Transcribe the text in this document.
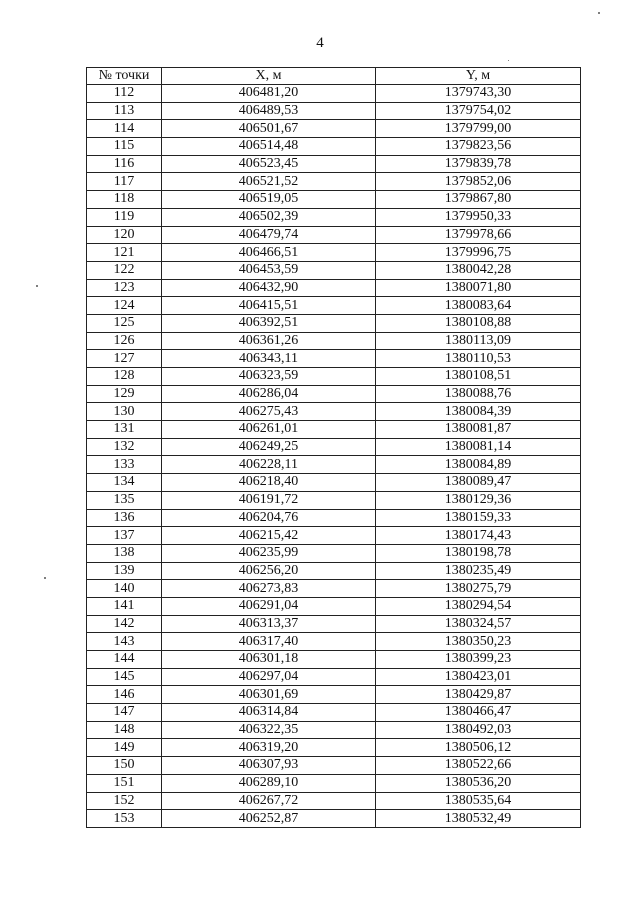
4
№ точки	X, м	Y, м
112	406481,20	1379743,30
113	406489,53	1379754,02
114	406501,67	1379799,00
115	406514,48	1379823,56
116	406523,45	1379839,78
117	406521,52	1379852,06
118	406519,05	1379867,80
119	406502,39	1379950,33
120	406479,74	1379978,66
121	406466,51	1379996,75
122	406453,59	1380042,28
123	406432,90	1380071,80
124	406415,51	1380083,64
125	406392,51	1380108,88
126	406361,26	1380113,09
127	406343,11	1380110,53
128	406323,59	1380108,51
129	406286,04	1380088,76
130	406275,43	1380084,39
131	406261,01	1380081,87
132	406249,25	1380081,14
133	406228,11	1380084,89
134	406218,40	1380089,47
135	406191,72	1380129,36
136	406204,76	1380159,33
137	406215,42	1380174,43
138	406235,99	1380198,78
139	406256,20	1380235,49
140	406273,83	1380275,79
141	406291,04	1380294,54
142	406313,37	1380324,57
143	406317,40	1380350,23
144	406301,18	1380399,23
145	406297,04	1380423,01
146	406301,69	1380429,87
147	406314,84	1380466,47
148	406322,35	1380492,03
149	406319,20	1380506,12
150	406307,93	1380522,66
151	406289,10	1380536,20
152	406267,72	1380535,64
153	406252,87	1380532,49
